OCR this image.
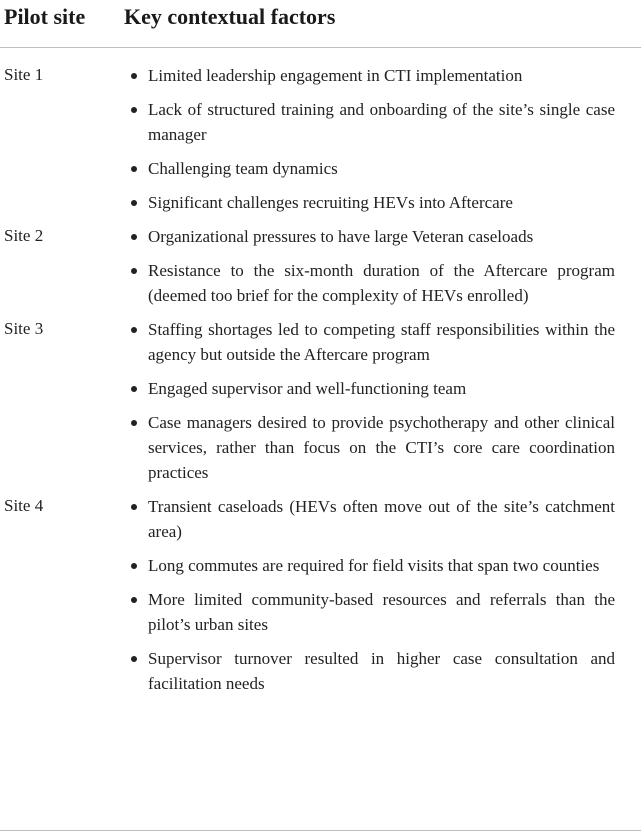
Pilot site Key contextual factors
Site 1	Limited leadership engagement in CTI implementation
Lack of structured training and onboarding of the site’s single case manager
Challenging team dynamics
Significant challenges recruiting HEVs into Aftercare
Site 2	Organizational pressures to have large Veteran caseloads
Resistance to the six-month duration of the Aftercare program (deemed too brief for the complexity of HEVs enrolled)
Site 3	Staffing shortages led to competing staff responsibilities within the agency but outside the Aftercare program
Engaged supervisor and well-functioning team
Case managers desired to provide psychotherapy and other clinical services, rather than focus on the CTI’s core care coordination practices
Site 4	Transient caseloads (HEVs often move out of the site’s catchment area)
Long commutes are required for field visits that span two counties
More limited community-based resources and referrals than the pilot’s urban sites
Supervisor turnover resulted in higher case consultation and facilitation needs
